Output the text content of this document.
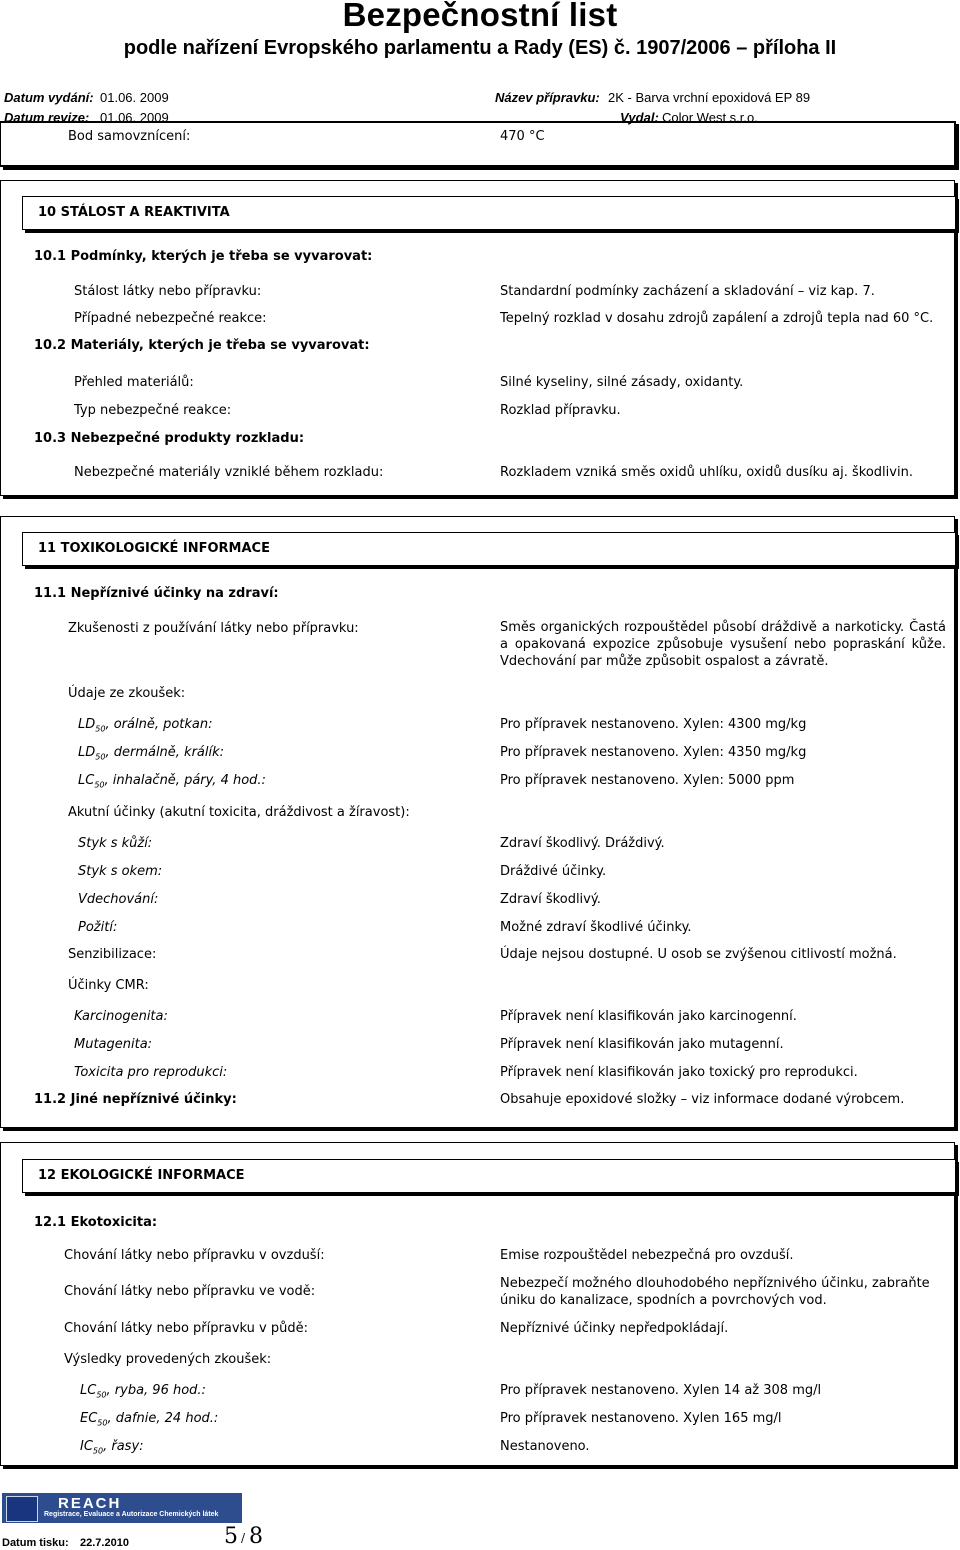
Bezpečnostní list
podle nařízení Evropského parlamentu a Rady (ES) č. 1907/2006 – příloha II
Datum vydání: 01.06. 2009	Název přípravku: 2K - Barva vrchní epoxidová EP 89
Datum revize: 01.06. 2009	Vydal: Color West s.r.o.
Bod samovznícení:	470 °C
10 STÁLOST A REAKTIVITA
10.1 Podmínky, kterých je třeba se vyvarovat:
Stálost látky nebo přípravku:	Standardní podmínky zacházení a skladování – viz kap. 7.
Případné nebezpečné reakce:	Tepelný rozklad v dosahu zdrojů zapálení a zdrojů tepla nad 60 °C.
10.2 Materiály, kterých je třeba se vyvarovat:
Přehled materiálů:	Silné kyseliny, silné zásady, oxidanty.
Typ nebezpečné reakce:	Rozklad přípravku.
10.3 Nebezpečné produkty rozkladu:
Nebezpečné materiály vzniklé během rozkladu:	Rozkladem vzniká směs oxidů uhlíku, oxidů dusíku aj. škodlivin.
11 TOXIKOLOGICKÉ INFORMACE
11.1 Nepříznivé účinky na zdraví:
Zkušenosti z používání látky nebo přípravku:	Směs organických rozpouštědel působí dráždivě a narkoticky. Častá a opakovaná expozice způsobuje vysušení nebo popraskání kůže. Vdechování par může způsobit ospalost a závratě.
Údaje ze zkoušek:
$LD_{50}$, orálně, potkan:	Pro přípravek nestanoveno. Xylen: 4300 mg/kg
$LD_{50}$, dermálně, králík:	Pro přípravek nestanoveno. Xylen: 4350 mg/kg
$LC_{50}$, inhalačně, páry, 4 hod.:	Pro přípravek nestanoveno. Xylen: 5000 ppm
Akutní účinky (akutní toxicita, dráždivost a žíravost):
Styk s kůží:	Zdraví škodlivý. Dráždivý.
Styk s okem:	Dráždivé účinky.
Vdechování:	Zdraví škodlivý.
Požití:	Možné zdraví škodlivé účinky.
Senzibilizace:	Údaje nejsou dostupné. U osob se zvýšenou citlivostí možná.
Účinky CMR:
Karcinogenita:	Přípravek není klasifikován jako karcinogenní.
Mutagenita:	Přípravek není klasifikován jako mutagenní.
Toxicita pro reprodukci:	Přípravek není klasifikován jako toxický pro reprodukci.
11.2 Jiné nepříznivé účinky:	Obsahuje epoxidové složky – viz informace dodané výrobcem.
12 EKOLOGICKÉ INFORMACE
12.1 Ekotoxicita:
Chování látky nebo přípravku v ovzduší:	Emise rozpouštědel nebezpečná pro ovzduší.
Chování látky nebo přípravku ve vodě:
Nebezpečí možného dlouhodobého nepříznivého účinku, zabraňte úniku do kanalizace, spodních a povrchových vod.
Chování látky nebo přípravku v půdě:	Nepříznivé účinky nepředpokládají.
Výsledky provedených zkoušek:
$LC_{50}$, ryba, 96 hod.:	Pro přípravek nestanoveno. Xylen 14 až 308 mg/l
$EC_{50}$, dafnie, 24 hod.:	Pro přípravek nestanoveno. Xylen 165 mg/l
$IC_{50}$, řasy:	Nestanoveno.
REACH
Registrace, Evaluace a Autorizace Chemických látek
Datum tisku: 22.7.2010	5 / 8
